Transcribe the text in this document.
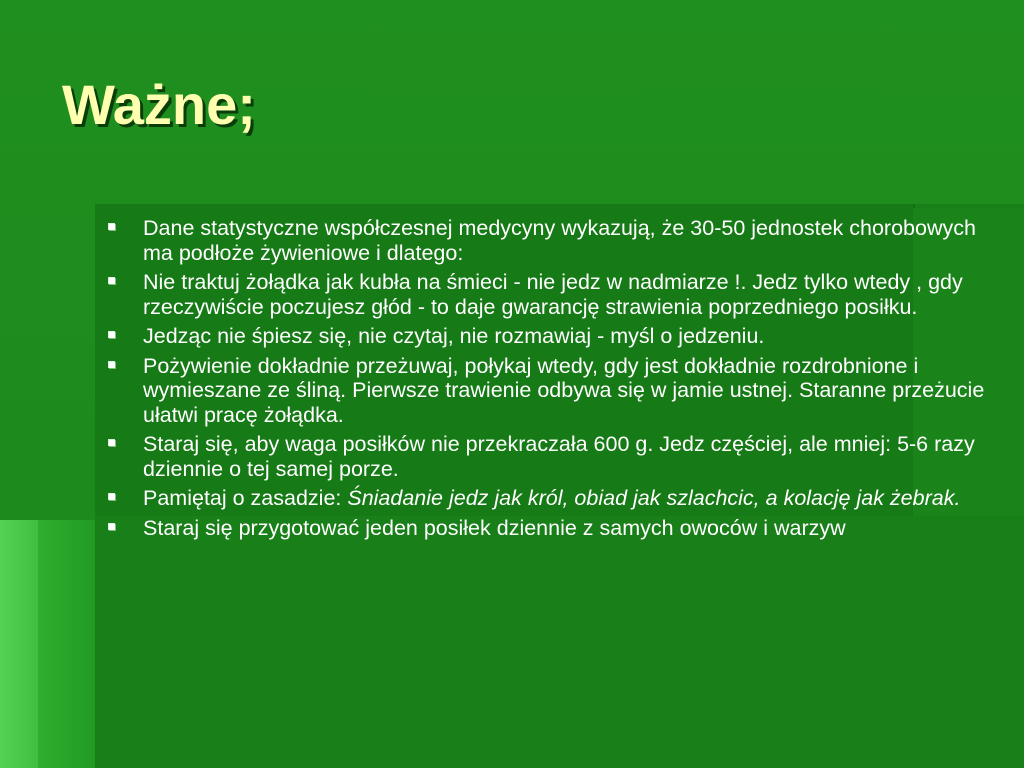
Ważne;
Dane statystyczne współczesnej medycyny wykazują, że 30-50 jednostek chorobowych ma podłoże żywieniowe i dlatego:
Nie traktuj żołądka jak kubła na śmieci - nie jedz w nadmiarze !. Jedz tylko wtedy , gdy rzeczywiście poczujesz głód - to daje gwarancję strawienia poprzedniego posiłku.
Jedząc nie śpiesz się, nie czytaj, nie rozmawiaj - myśl o jedzeniu.
Pożywienie dokładnie przeżuwaj, połykaj wtedy, gdy jest dokładnie rozdrobnione i wymieszane ze śliną. Pierwsze trawienie odbywa się w jamie ustnej. Staranne przeżucie ułatwi pracę żołądka.
Staraj się, aby waga posiłków nie przekraczała 600 g. Jedz częściej, ale mniej: 5-6 razy dziennie o tej samej porze.
Pamiętaj o zasadzie: Śniadanie jedz jak król, obiad jak szlachcic, a kolację jak żebrak.
Staraj się przygotować jeden posiłek dziennie z samych owoców i warzyw
